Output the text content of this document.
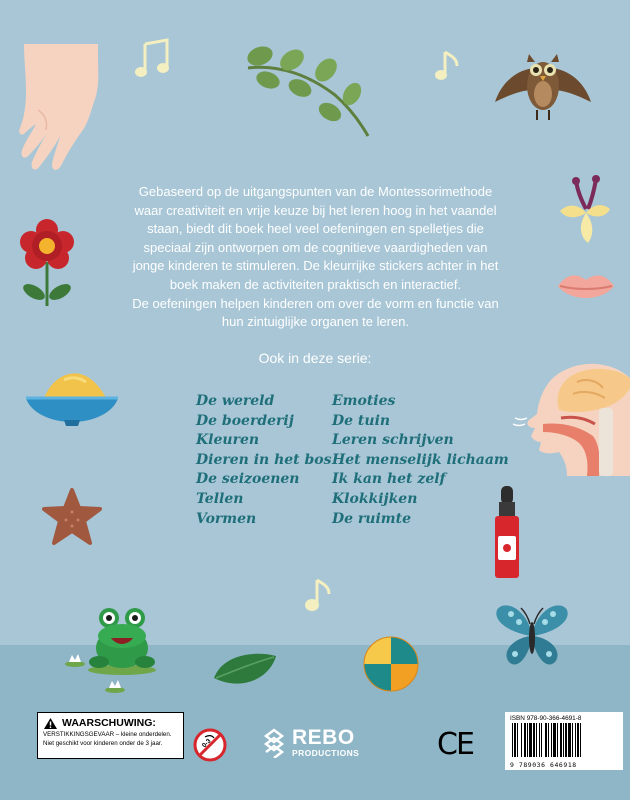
Gebaseerd op de uitgangspunten van de Montessorimethode
waar creativiteit en vrije keuze bij het leren hoog in het vaandel
staan, biedt dit boek heel veel oefeningen en spelletjes die
speciaal zijn ontworpen om de cognitieve vaardigheden van
jonge kinderen te stimuleren. De kleurrijke stickers achter in het
boek maken de activiteiten praktisch en interactief.
De oefeningen helpen kinderen om over de vorm en functie van
hun zintuiglijke organen te leren.

Ook in deze serie:
De wereld
De boerderij
Kleuren
Dieren in het bos
De seizoenen
Tellen
Vormen
Emoties
De tuin
Leren schrijven
Het menselijk lichaam
Ik kan het zelf
Klokkijken
De ruimte
WAARSCHUWING:
VERSTIKKINGSGEVAAR – kleine onderdelen.
Niet geschikt voor kinderen onder de 3 jaar.	0-3	REBO
PRODUCTIONS	CE
ISBN 978-90-366-4691-8
9 789036 646918
